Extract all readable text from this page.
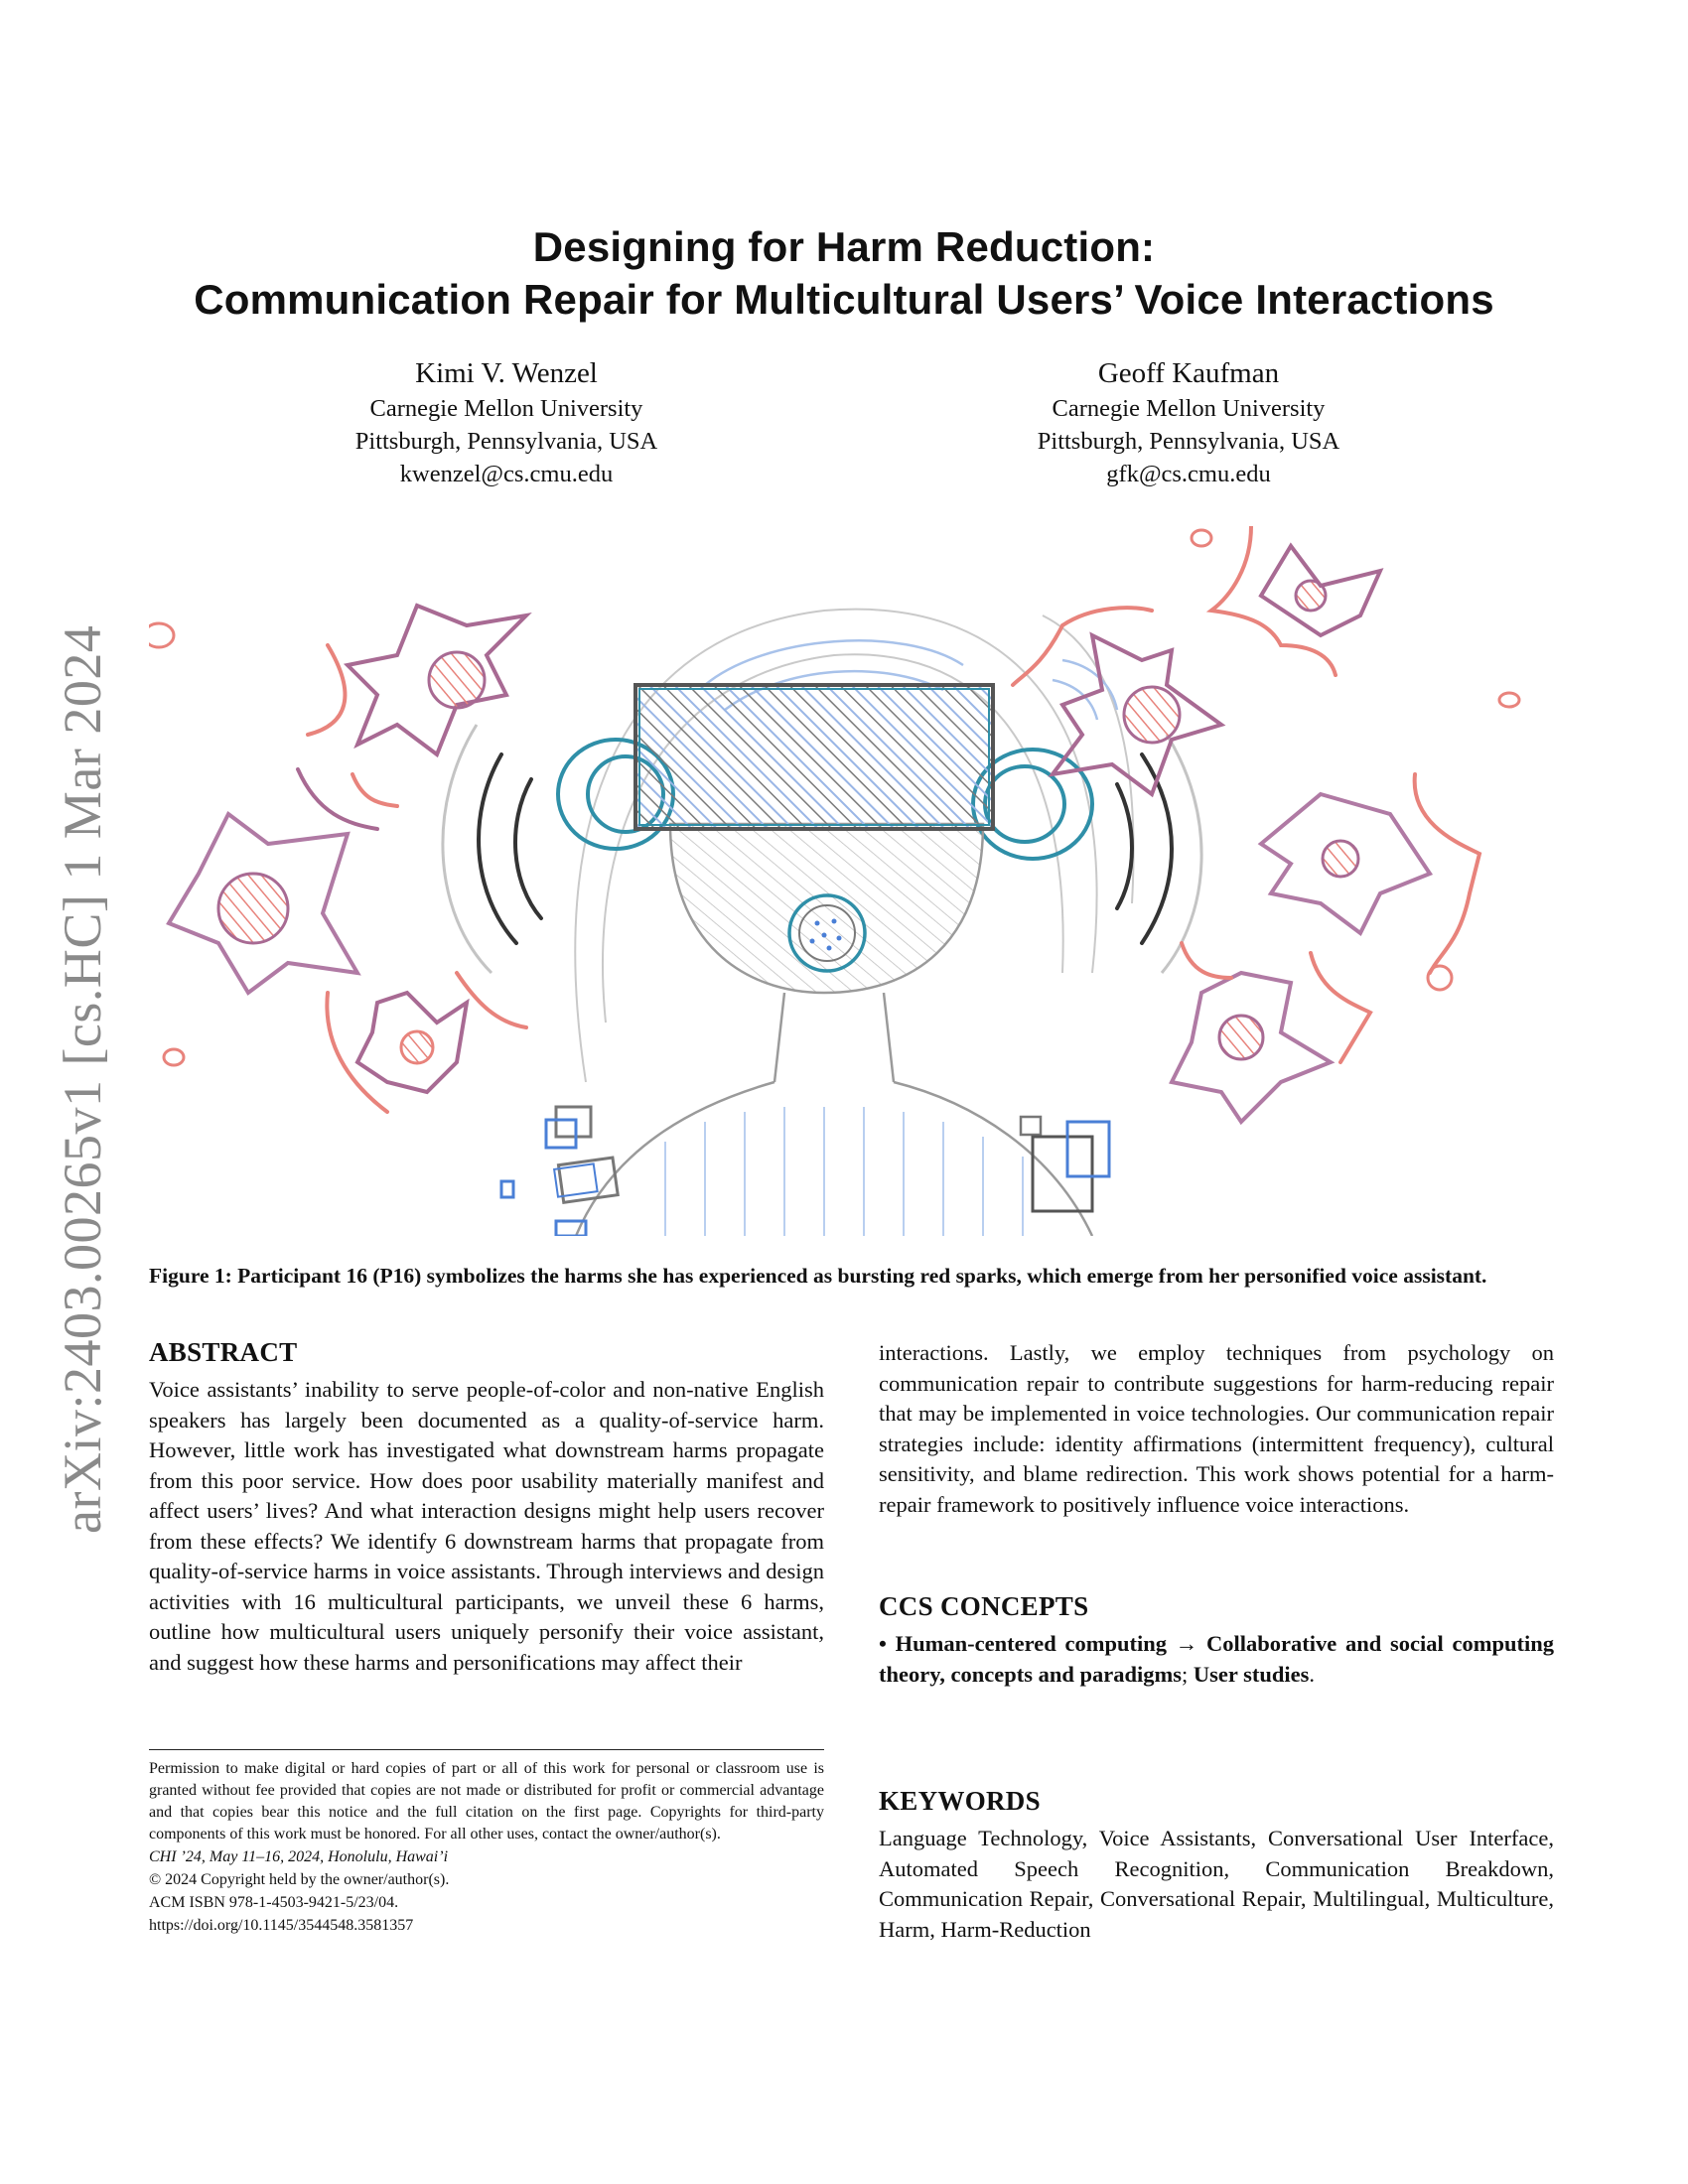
arXiv:2403.00265v1 [cs.HC] 1 Mar 2024
Designing for Harm Reduction:
Communication Repair for Multicultural Users’ Voice Interactions
Kimi V. Wenzel
Carnegie Mellon University
Pittsburgh, Pennsylvania, USA
kwenzel@cs.cmu.edu
Geoff Kaufman
Carnegie Mellon University
Pittsburgh, Pennsylvania, USA
gfk@cs.cmu.edu
Figure 1: Participant 16 (P16) symbolizes the harms she has experienced as bursting red sparks, which emerge from her personified voice assistant.
ABSTRACT
Voice assistants’ inability to serve people-of-color and non-native English speakers has largely been documented as a quality-of-service harm. However, little work has investigated what downstream harms propagate from this poor service. How does poor usability materially manifest and affect users’ lives? And what interaction designs might help users recover from these effects? We identify 6 downstream harms that propagate from quality-of-service harms in voice assistants. Through interviews and design activities with 16 multicultural participants, we unveil these 6 harms, outline how multicultural users uniquely personify their voice assistant, and suggest how these harms and personifications may affect their
interactions. Lastly, we employ techniques from psychology on communication repair to contribute suggestions for harm-reducing repair that may be implemented in voice technologies. Our communication repair strategies include: identity affirmations (intermittent frequency), cultural sensitivity, and blame redirection. This work shows potential for a harm-repair framework to positively influence voice interactions.
CCS CONCEPTS
• Human-centered computing → Collaborative and social computing theory, concepts and paradigms; User studies.
KEYWORDS
Language Technology, Voice Assistants, Conversational User Interface, Automated Speech Recognition, Communication Breakdown, Communication Repair, Conversational Repair, Multilingual, Multiculture, Harm, Harm-Reduction
Permission to make digital or hard copies of part or all of this work for personal or classroom use is granted without fee provided that copies are not made or distributed for profit or commercial advantage and that copies bear this notice and the full citation on the first page. Copyrights for third-party components of this work must be honored. For all other uses, contact the owner/author(s).
CHI ’24, May 11–16, 2024, Honolulu, Hawai’i
© 2024 Copyright held by the owner/author(s).
ACM ISBN 978-1-4503-9421-5/23/04.
https://doi.org/10.1145/3544548.3581357
